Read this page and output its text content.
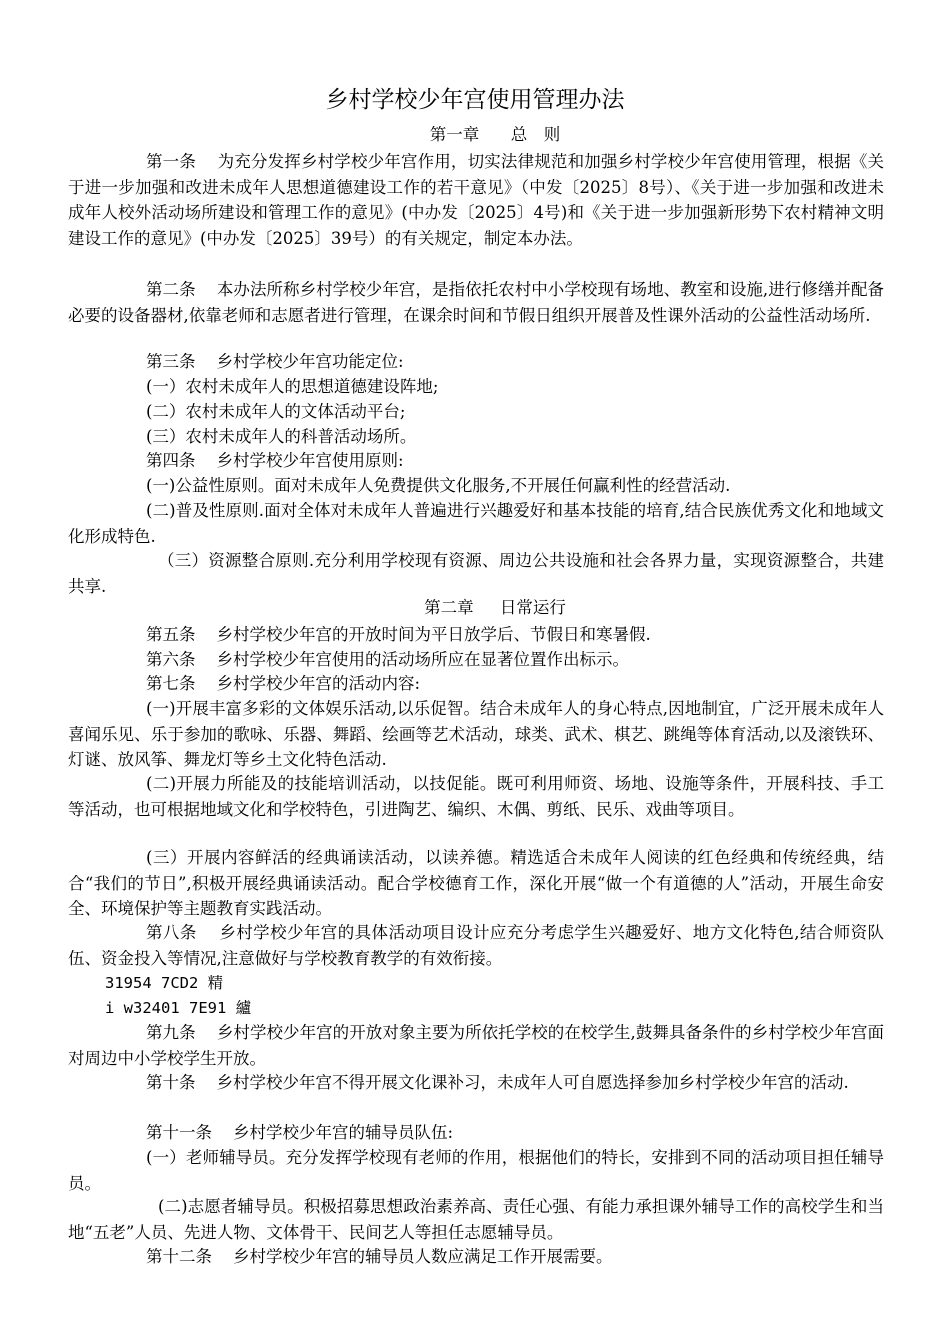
乡村学校少年宫使用管理办法
第一章 总　则
第一条 为充分发挥乡村学校少年宫作用，切实法律规范和加强乡村学校少年宫使用管理，根据《关于进一步加强和改进未成年人思想道德建设工作的若干意见》（中发〔2025〕8号）、《关于进一步加强和改进未成年人校外活动场所建设和管理工作的意见》(中办发〔2025〕4号)和《关于进一步加强新形势下农村精神文明建设工作的意见》(中办发〔2025〕39号）的有关规定，制定本办法。
第二条 本办法所称乡村学校少年宫，是指依托农村中小学校现有场地、教室和设施,进行修缮并配备必要的设备器材,依靠老师和志愿者进行管理，在课余时间和节假日组织开展普及性课外活动的公益性活动场所.
第三条 乡村学校少年宫功能定位:
(一）农村未成年人的思想道德建设阵地;
(二）农村未成年人的文体活动平台;
(三）农村未成年人的科普活动场所。
第四条 乡村学校少年宫使用原则:
(一)公益性原则。面对未成年人免费提供文化服务,不开展任何赢利性的经营活动.
(二)普及性原则.面对全体对未成年人普遍进行兴趣爱好和基本技能的培育,结合民族优秀文化和地域文化形成特色.
（三）资源整合原则.充分利用学校现有资源、周边公共设施和社会各界力量，实现资源整合，共建共享.
第二章 日常运行
第五条 乡村学校少年宫的开放时间为平日放学后、节假日和寒暑假.
第六条 乡村学校少年宫使用的活动场所应在显著位置作出标示。
第七条 乡村学校少年宫的活动内容:
(一)开展丰富多彩的文体娱乐活动,以乐促智。结合未成年人的身心特点,因地制宜，广泛开展未成年人喜闻乐见、乐于参加的歌咏、乐器、舞蹈、绘画等艺术活动，球类、武术、棋艺、跳绳等体育活动,以及滚铁环、灯谜、放风筝、舞龙灯等乡土文化特色活动.
(二)开展力所能及的技能培训活动，以技促能。既可利用师资、场地、设施等条件，开展科技、手工等活动，也可根据地域文化和学校特色，引进陶艺、编织、木偶、剪纸、民乐、戏曲等项目。
(三）开展内容鲜活的经典诵读活动，以读养德。精选适合未成年人阅读的红色经典和传统经典，结合“我们的节日”,积极开展经典诵读活动。配合学校德育工作，深化开展“做一个有道德的人”活动，开展生命安全、环境保护等主题教育实践活动。
第八条 乡村学校少年宫的具体活动项目设计应充分考虑学生兴趣爱好、地方文化特色,结合师资队伍、资金投入等情况,注意做好与学校教育教学的有效衔接。
31954 7CD2 精
i w32401 7E91 纑
第九条 乡村学校少年宫的开放对象主要为所依托学校的在校学生,鼓舞具备条件的乡村学校少年宫面对周边中小学校学生开放。
第十条 乡村学校少年宫不得开展文化课补习，未成年人可自愿选择参加乡村学校少年宫的活动.
第十一条 乡村学校少年宫的辅导员队伍:
(一）老师辅导员。充分发挥学校现有老师的作用，根据他们的特长，安排到不同的活动项目担任辅导员。
(二)志愿者辅导员。积极招募思想政治素养高、责任心强、有能力承担课外辅导工作的高校学生和当地“五老”人员、先进人物、文体骨干、民间艺人等担任志愿辅导员。
第十二条 乡村学校少年宫的辅导员人数应满足工作开展需要。
